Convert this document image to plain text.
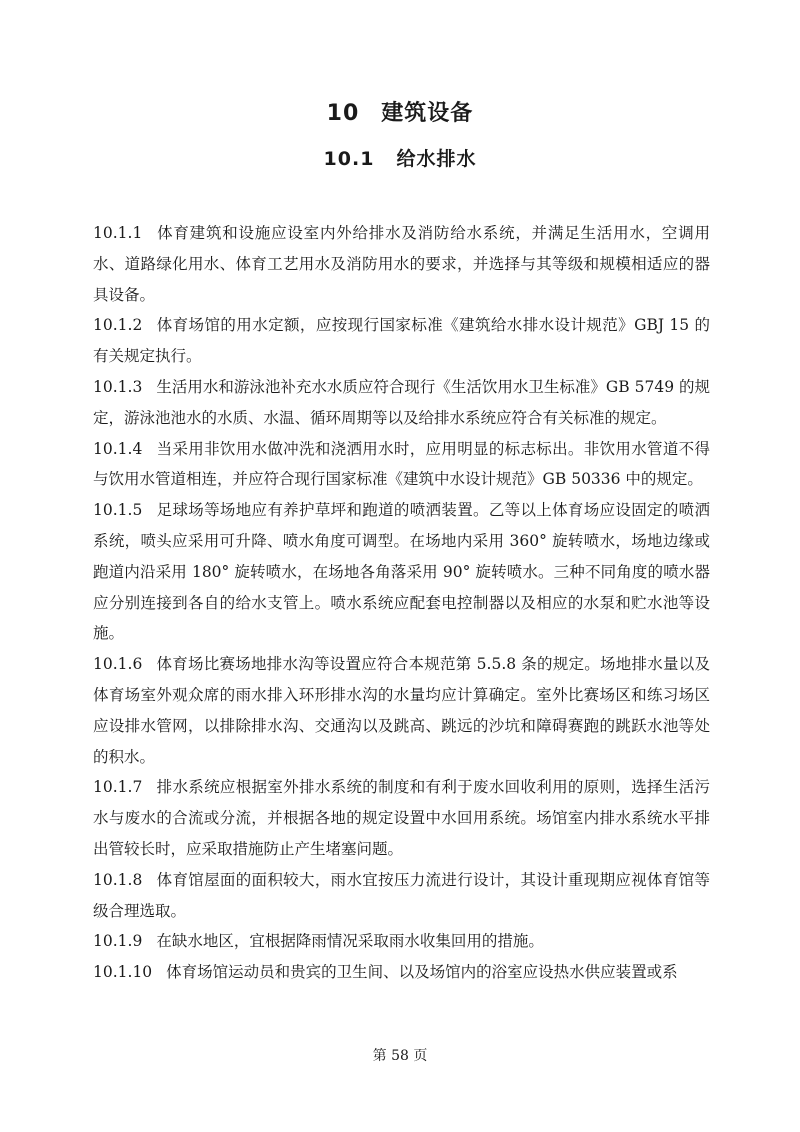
10 建筑设备
10.1 给水排水

10.1.1 体育建筑和设施应设室内外给排水及消防给水系统，并满足生活用水，空调用水、道路绿化用水、体育工艺用水及消防用水的要求，并选择与其等级和规模相适应的器具设备。

10.1.2 体育场馆的用水定额，应按现行国家标准《建筑给水排水设计规范》GBJ 15 的有关规定执行。

10.1.3 生活用水和游泳池补充水水质应符合现行《生活饮用水卫生标准》GB 5749 的规定，游泳池池水的水质、水温、循环周期等以及给排水系统应符合有关标准的规定。

10.1.4 当采用非饮用水做冲洗和浇洒用水时，应用明显的标志标出。非饮用水管道不得与饮用水管道相连，并应符合现行国家标准《建筑中水设计规范》GB 50336 中的规定。

10.1.5 足球场等场地应有养护草坪和跑道的喷洒装置。乙等以上体育场应设固定的喷洒系统，喷头应采用可升降、喷水角度可调型。在场地内采用 360° 旋转喷水，场地边缘或跑道内沿采用 180° 旋转喷水，在场地各角落采用 90° 旋转喷水。三种不同角度的喷水器应分别连接到各自的给水支管上。喷水系统应配套电控制器以及相应的水泵和贮水池等设施。

10.1.6 体育场比赛场地排水沟等设置应符合本规范第 5.5.8 条的规定。场地排水量以及体育场室外观众席的雨水排入环形排水沟的水量均应计算确定。室外比赛场区和练习场区应设排水管网，以排除排水沟、交通沟以及跳高、跳远的沙坑和障碍赛跑的跳跃水池等处的积水。

10.1.7 排水系统应根据室外排水系统的制度和有利于废水回收利用的原则，选择生活污水与废水的合流或分流，并根据各地的规定设置中水回用系统。场馆室内排水系统水平排出管较长时，应采取措施防止产生堵塞问题。

10.1.8 体育馆屋面的面积较大，雨水宜按压力流进行设计，其设计重现期应视体育馆等级合理选取。

10.1.9 在缺水地区，宜根据降雨情况采取雨水收集回用的措施。

10.1.10 体育场馆运动员和贵宾的卫生间、以及场馆内的浴室应设热水供应装置或系

第 58 页
